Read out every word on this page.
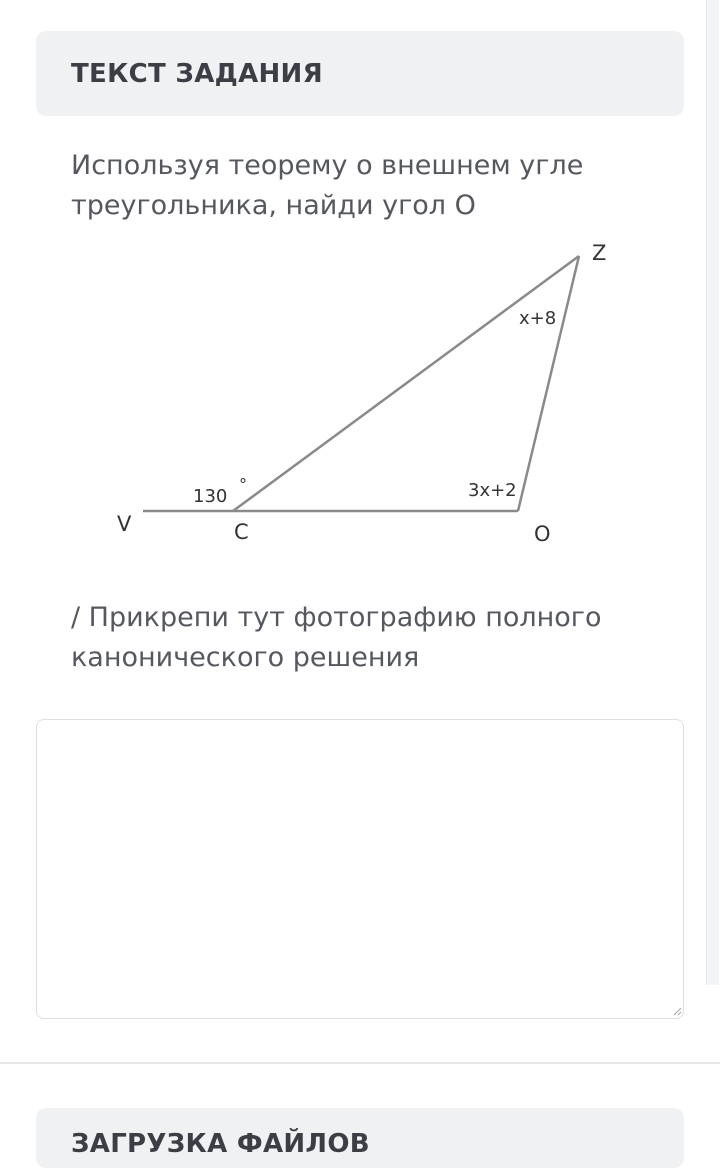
ТЕКСТ ЗАДАНИЯ
Используя теорему о внешнем угле треугольника, найди угол О
Z
x+8
130
°	3x+2
V	C	O
/ Прикрепи тут фотографию полного канонического решения
ЗАГРУЗКА ФАЙЛОВ
